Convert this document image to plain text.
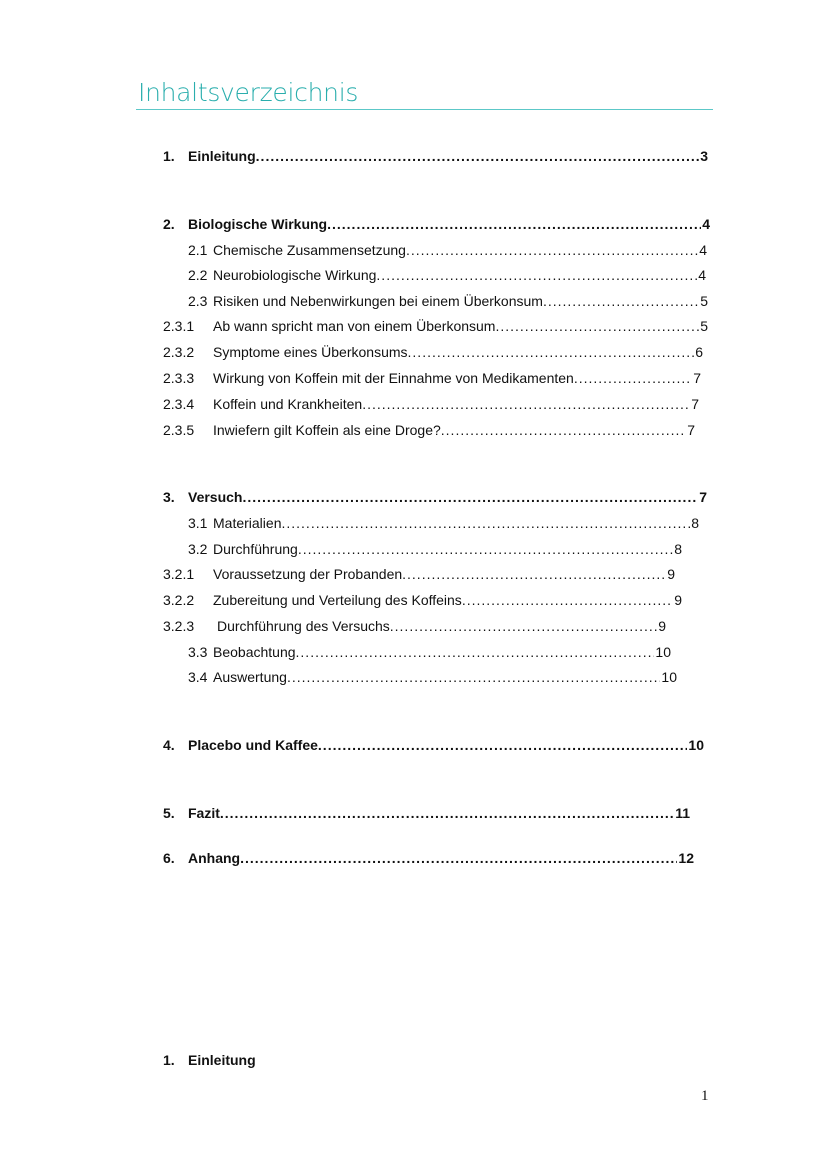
Inhaltsverzeichnis
1. Einleitung .....	3
2. Biologische Wirkung .....	4
2.1 Chemische Zusammensetzung .....	4
2.2 Neurobiologische Wirkung .....	4
2.3 Risiken und Nebenwirkungen bei einem Überkonsum .....	5
2.3.1	Ab wann spricht man von einem Überkonsum .....	5
2.3.2	Symptome eines Überkonsums .....	6
2.3.3	Wirkung von Koffein mit der Einnahme von Medikamenten .....	7
2.3.4	Koffein und Krankheiten .....	7
2.3.5	Inwiefern gilt Koffein als eine Droge? .....	7
3. Versuch .....	7
3.1 Materialien .....	8
3.2 Durchführung .....	8
3.2.1	Voraussetzung der Probanden .....	9
3.2.2	Zubereitung und Verteilung des Koffeins .....	9
3.2.3	Durchführung des Versuchs .....	9
3.3 Beobachtung .....	10
3.4 Auswertung .....	10
4. Placebo und Kaffee .....	10
5. Fazit .....	11
6. Anhang .....	12
1. Einleitung
1
